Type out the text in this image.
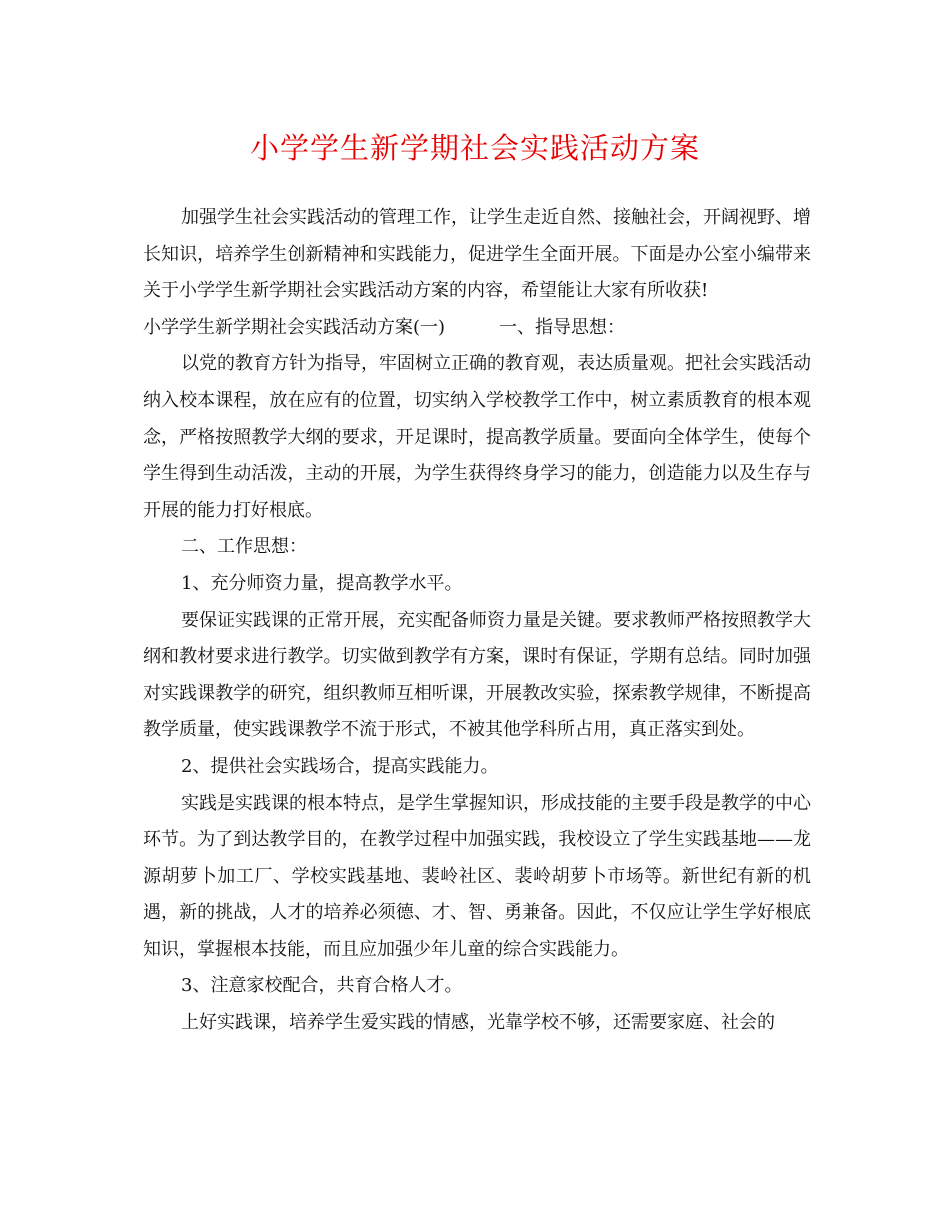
小学学生新学期社会实践活动方案

加强学生社会实践活动的管理工作，让学生走近自然、接触社会，开阔视野、增长知识，培养学生创新精神和实践能力，促进学生全面开展。下面是办公室小编带来关于小学学生新学期社会实践活动方案的内容，希望能让大家有所收获!

小学学生新学期社会实践活动方案(一)　　　一、指导思想：

以党的教育方针为指导，牢固树立正确的教育观，表达质量观。把社会实践活动纳入校本课程，放在应有的位置，切实纳入学校教学工作中，树立素质教育的根本观念，严格按照教学大纲的要求，开足课时，提高教学质量。要面向全体学生，使每个学生得到生动活泼，主动的开展，为学生获得终身学习的能力，创造能力以及生存与开展的能力打好根底。

二、工作思想：

1、充分师资力量，提高教学水平。

要保证实践课的正常开展，充实配备师资力量是关键。要求教师严格按照教学大纲和教材要求进行教学。切实做到教学有方案，课时有保证，学期有总结。同时加强对实践课教学的研究，组织教师互相听课，开展教改实验，探索教学规律，不断提高教学质量，使实践课教学不流于形式，不被其他学科所占用，真正落实到处。

2、提供社会实践场合，提高实践能力。

实践是实践课的根本特点，是学生掌握知识，形成技能的主要手段是教学的中心环节。为了到达教学目的，在教学过程中加强实践，我校设立了学生实践基地——龙源胡萝卜加工厂、学校实践基地、裴岭社区、裴岭胡萝卜市场等。新世纪有新的机遇，新的挑战，人才的培养必须德、才、智、勇兼备。因此，不仅应让学生学好根底知识，掌握根本技能，而且应加强少年儿童的综合实践能力。

3、注意家校配合，共育合格人才。

上好实践课，培养学生爱实践的情感，光靠学校不够，还需要家庭、社会的
